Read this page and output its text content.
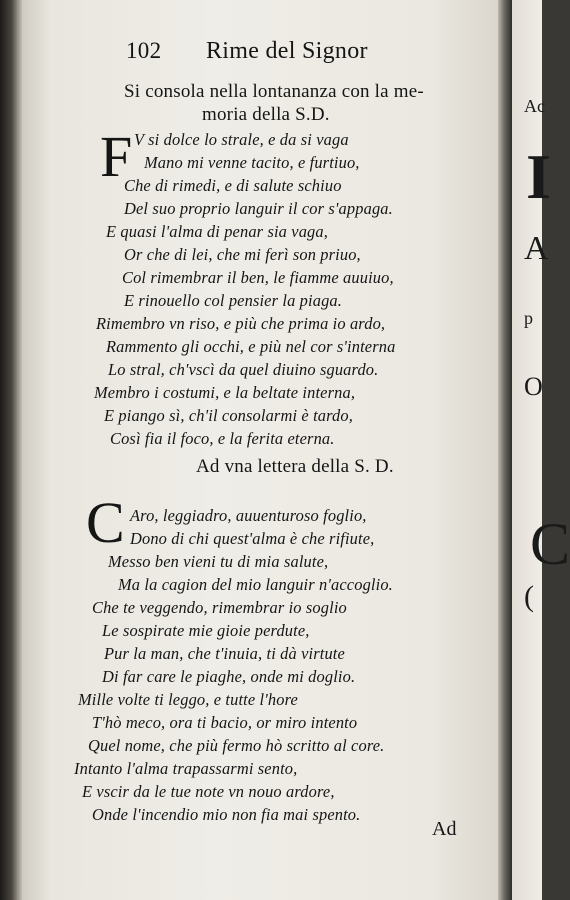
102 Rime del Signor
Si consola nella lontananza con la me-
moria della S.D.
F V si dolce lo strale, e da si vaga
Mano mi venne tacito, e furtiuo,
Che di rimedi, e di salute schiuo
Del suo proprio languir il cor s'appaga.
E quasi l'alma di penar sia vaga,
Or che di lei, che mi ferì son priuo,
Col rimembrar il ben, le fiamme auuiuo,
E rinouello col pensier la piaga.
Rimembro vn riso, e più che prima io ardo,
Rammento gli occhi, e più nel cor s'interna
Lo stral, ch'vscì da quel diuino sguardo.
Membro i costumi, e la beltate interna,
E piango sì, ch'il consolarmi è tardo,
Così fia il foco, e la ferita eterna.
Ad vna lettera della S. D.
C Aro, leggiadro, auuenturoso foglio,
Dono di chi quest'alma è che rifiute,
Messo ben vieni tu di mia salute,
Ma la cagion del mio languir n'accoglio.
Che te veggendo, rimembrar io soglio
Le sospirate mie gioie perdute,
Pur la man, che t'inuia, ti dà virtute
Di far care le piaghe, onde mi doglio.
Mille volte ti leggo, e tutte l'hore
T'hò meco, ora ti bacio, or miro intento
Quel nome, che più fermo hò scritto al core.
Intanto l'alma trapassarmi sento,
E vscir da le tue note vn nouo ardore,
Onde l'incendio mio non fia mai spento.
Ad
Ac
I
A
p
O
C
(
